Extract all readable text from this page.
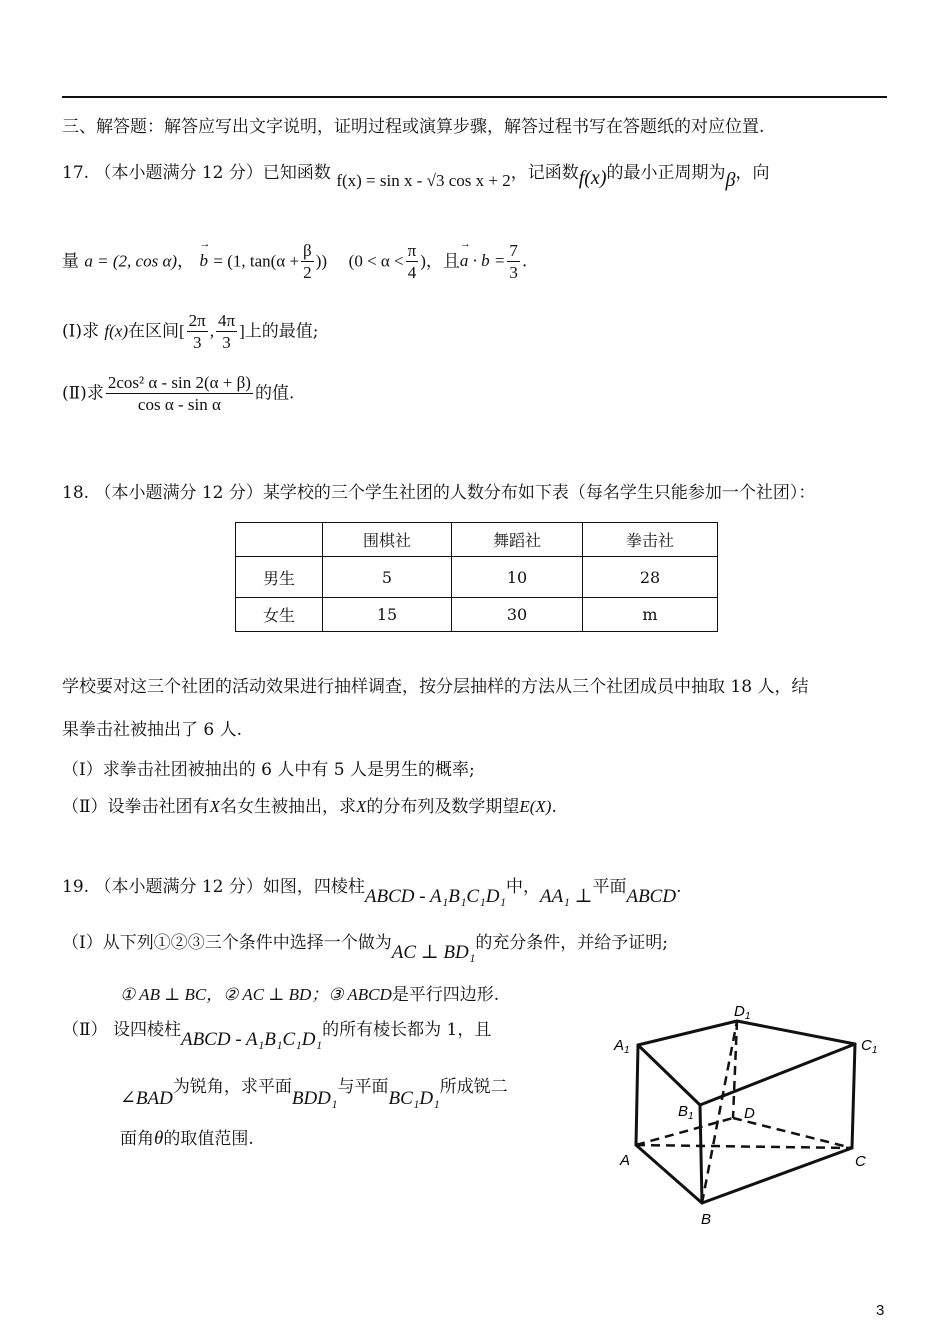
三、解答题：解答应写出文字说明，证明过程或演算步骤，解答过程书写在答题纸的对应位置.
17. （本小题满分 12 分）已知函数 f(x) = sin x - √3 cos x + 2，记函数f(x)的最小正周期为β，向
量 a = (2, cos α)， → b = (1, $\tan(\alpha + \frac{\beta}{2}$ )) ($0 < \alpha < \frac{\pi}{4}$ )，且→ $a \cdot b = \frac{7}{3}$ .
(Ⅰ)求 f(x)在区间[ $\frac{2\pi}{3}$ , $\frac{4\pi}{3}$ ]上的最值;
(Ⅱ)求 $\frac{\text{2cos² α - sin 2(α + β)}}{\text{cos α - sin α}}$ 的值.
18. （本小题满分 12 分）某学校的三个学生社团的人数分布如下表（每名学生只能参加一个社团）：
	围棋社	舞蹈社	拳击社
男生	5	10	28
女生	15	30	m
学校要对这三个社团的活动效果进行抽样调查，按分层抽样的方法从三个社团成员中抽取 18 人，结
果拳击社被抽出了 6 人.
（Ⅰ）求拳击社团被抽出的 6 人中有 5 人是男生的概率;
（Ⅱ）设拳击社团有X名女生被抽出，求X的分布列及数学期望E(X).
19. （本小题满分 12 分）如图，四棱柱ABCD - A₁B₁C₁D₁中，AA₁ ⊥平面ABCD.
（Ⅰ）从下列①②③三个条件中选择一个做为AC ⊥ BD₁的充分条件，并给予证明;
① AB ⊥ BC，② AC ⊥ BD；③ ABCD是平行四边形.
（Ⅱ） 设四棱柱ABCD - A₁B₁C₁D₁的所有棱长都为 1，且
∠BAD为锐角，求平面BDD₁与平面BC₁D₁所成锐二
面角θ的取值范围.
$D_1$
$A_1$	$C_1$
$B_1$	D
A	C
B
3
